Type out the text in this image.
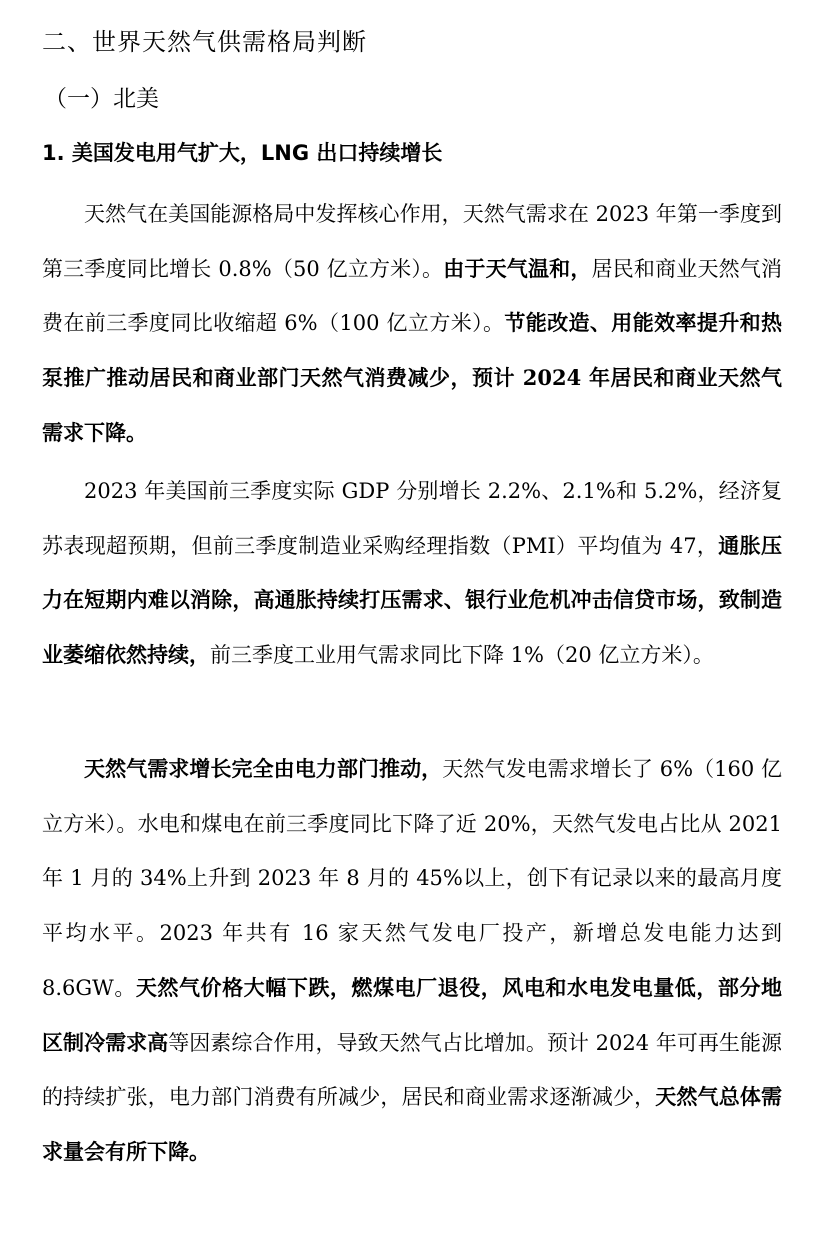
二、世界天然气供需格局判断
（一）北美
1. 美国发电用气扩大，LNG 出口持续增长

天然气在美国能源格局中发挥核心作用，天然气需求在 2023 年第一季度到第三季度同比增长 0.8%（50 亿立方米）。由于天气温和，居民和商业天然气消费在前三季度同比收缩超 6%（100 亿立方米）。节能改造、用能效率提升和热泵推广推动居民和商业部门天然气消费减少，预计 2024 年居民和商业天然气需求下降。

2023 年美国前三季度实际 GDP 分别增长 2.2%、2.1%和 5.2%，经济复苏表现超预期，但前三季度制造业采购经理指数（PMI）平均值为 47，通胀压力在短期内难以消除，高通胀持续打压需求、银行业危机冲击信贷市场，致制造业萎缩依然持续，前三季度工业用气需求同比下降 1%（20 亿立方米）。

天然气需求增长完全由电力部门推动，天然气发电需求增长了 6%（160 亿立方米）。水电和煤电在前三季度同比下降了近 20%，天然气发电占比从 2021 年 1 月的 34%上升到 2023 年 8 月的 45%以上，创下有记录以来的最高月度平均水平。2023 年共有 16 家天然气发电厂投产，新增总发电能力达到 8.6GW。天然气价格大幅下跌，燃煤电厂退役，风电和水电发电量低，部分地区制冷需求高等因素综合作用，导致天然气占比增加。预计 2024 年可再生能源的持续扩张，电力部门消费有所减少，居民和商业需求逐渐减少，天然气总体需求量会有所下降。
